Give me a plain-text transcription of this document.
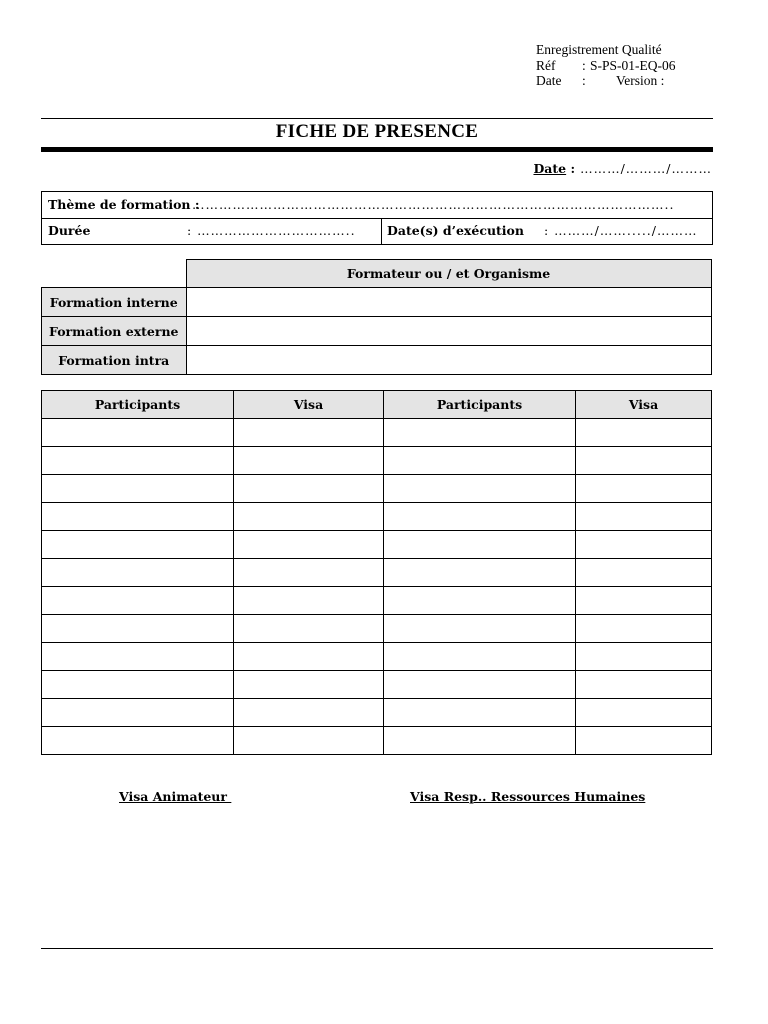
Enregistrement Qualité
Réf	: S-PS-01-EQ-06
Date	:	Version :
FICHE DE PRESENCE
Date : ………/………/………
Thème de formation :
……………………………………………………………………………………………..
Durée	: ……………………………..	Date(s) d’exécution : ………/……...../………
	Formateur ou / et Organisme
Formation interne	
Formation externe	
Formation intra	
Participants	Visa	Participants	Visa

Visa Animateur	Visa Resp.. Ressources Humaines
